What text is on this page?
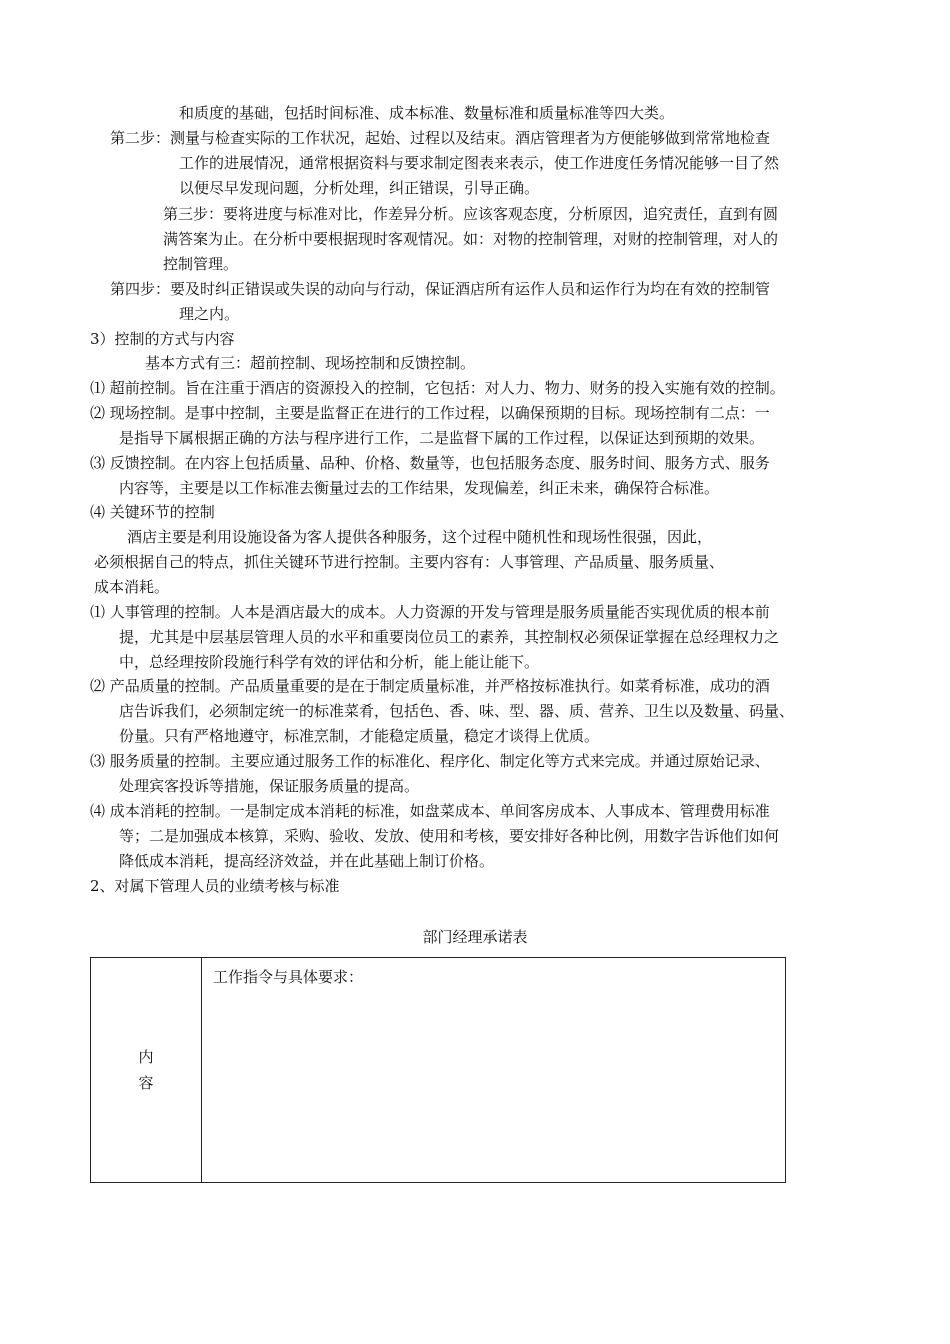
和质度的基础，包括时间标准、成本标准、数量标准和质量标准等四大类。
第二步：测量与检查实际的工作状况，起始、过程以及结束。酒店管理者为方便能够做到常常地检查
工作的进展情况，通常根据资料与要求制定图表来表示，使工作进度任务情况能够一目了然
以便尽早发现问题，分析处理，纠正错误，引导正确。
第三步：要将进度与标准对比，作差异分析。应该客观态度，分析原因，追究责任，直到有圆
满答案为止。在分析中要根据现时客观情况。如：对物的控制管理，对财的控制管理，对人的
控制管理。
第四步：要及时纠正错误或失误的动向与行动，保证酒店所有运作人员和运作行为均在有效的控制管
理之内。
3）控制的方式与内容
基本方式有三：超前控制、现场控制和反馈控制。
⑴ 超前控制。旨在注重于酒店的资源投入的控制，它包括：对人力、物力、财务的投入实施有效的控制。
⑵ 现场控制。是事中控制，主要是监督正在进行的工作过程，以确保预期的目标。现场控制有二点：一
是指导下属根据正确的方法与程序进行工作，二是监督下属的工作过程，以保证达到预期的效果。
⑶ 反馈控制。在内容上包括质量、品种、价格、数量等，也包括服务态度、服务时间、服务方式、服务
内容等，主要是以工作标准去衡量过去的工作结果，发现偏差，纠正未来，确保符合标准。
⑷ 关键环节的控制
酒店主要是利用设施设备为客人提供各种服务，这个过程中随机性和现场性很强，因此，
必须根据自己的特点，抓住关键环节进行控制。主要内容有：人事管理、产品质量、服务质量、
成本消耗。
⑴ 人事管理的控制。人本是酒店最大的成本。人力资源的开发与管理是服务质量能否实现优质的根本前
提，尤其是中层基层管理人员的水平和重要岗位员工的素养，其控制权必须保证掌握在总经理权力之
中，总经理按阶段施行科学有效的评估和分析，能上能让能下。
⑵ 产品质量的控制。产品质量重要的是在于制定质量标准，并严格按标准执行。如菜肴标准，成功的酒
店告诉我们，必须制定统一的标准菜肴，包括色、香、味、型、器、质、营养、卫生以及数量、码量、
份量。只有严格地遵守，标准烹制，才能稳定质量，稳定才谈得上优质。
⑶ 服务质量的控制。主要应通过服务工作的标准化、程序化、制定化等方式来完成。并通过原始记录、
处理宾客投诉等措施，保证服务质量的提高。
⑷ 成本消耗的控制。一是制定成本消耗的标准，如盘菜成本、单间客房成本、人事成本、管理费用标准
等；二是加强成本核算，采购、验收、发放、使用和考核，要安排好各种比例，用数字告诉他们如何
降低成本消耗，提高经济效益，并在此基础上制订价格。
2、对属下管理人员的业绩考核与标准
部门经理承诺表
内
容
工作指令与具体要求：
